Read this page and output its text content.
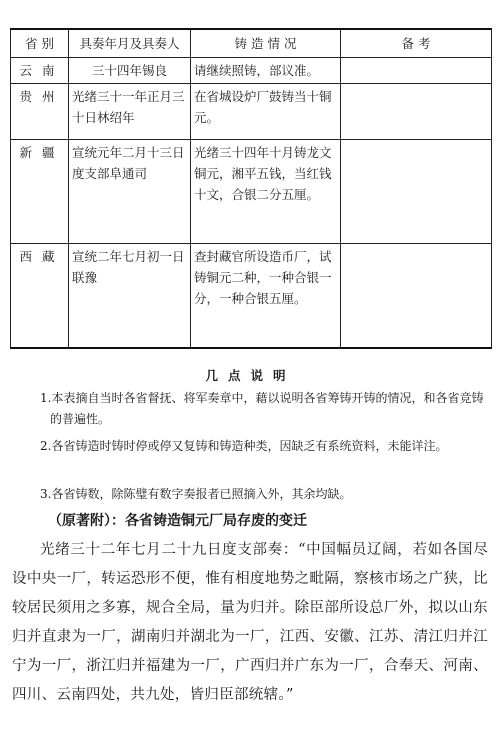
省 别	具奏年月及具奏人	铸 造 情 况	备 考
云南	三十四年锡良	请继续照铸，部议准。	
贵州	光绪三十一年正月三十日林绍年	在省城设炉厂鼓铸当十铜元。	
新疆	宣统元年二月十三日度支部阜通司	光绪三十四年十月铸龙文铜元，湘平五钱，当红钱十文，合银二分五厘。	
西藏	宣统二年七月初一日联豫	查封藏官所设造币厂，试铸铜元二种，一种合银一分，一种合银五厘。	
几点说明
1.本表摘自当时各省督抚、将军奏章中，藉以说明各省筹铸开铸的情况，和各省竞铸的普遍性。
2.各省铸造时铸时停或停又复铸和铸造种类，因缺乏有系统资料，未能详注。
3.各省铸数，除陈璧有数字奏报者已照摘入外，其余均缺。
（原著附）：各省铸造铜元厂局存废的变迁
光绪三十二年七月二十九日度支部奏：“中国幅员辽阔，若如各国尽设中央一厂，转运恐形不便，惟有相度地势之毗隔，察核市场之广狭，比较居民须用之多寡，规合全局，量为归并。除臣部所设总厂外，拟以山东归并直隶为一厂，湖南归并湖北为一厂，江西、安徽、江苏、清江归并江宁为一厂，浙江归并福建为一厂，广西归并广东为一厂，合奉天、河南、四川、云南四处，共九处，皆归臣部统辖。”
